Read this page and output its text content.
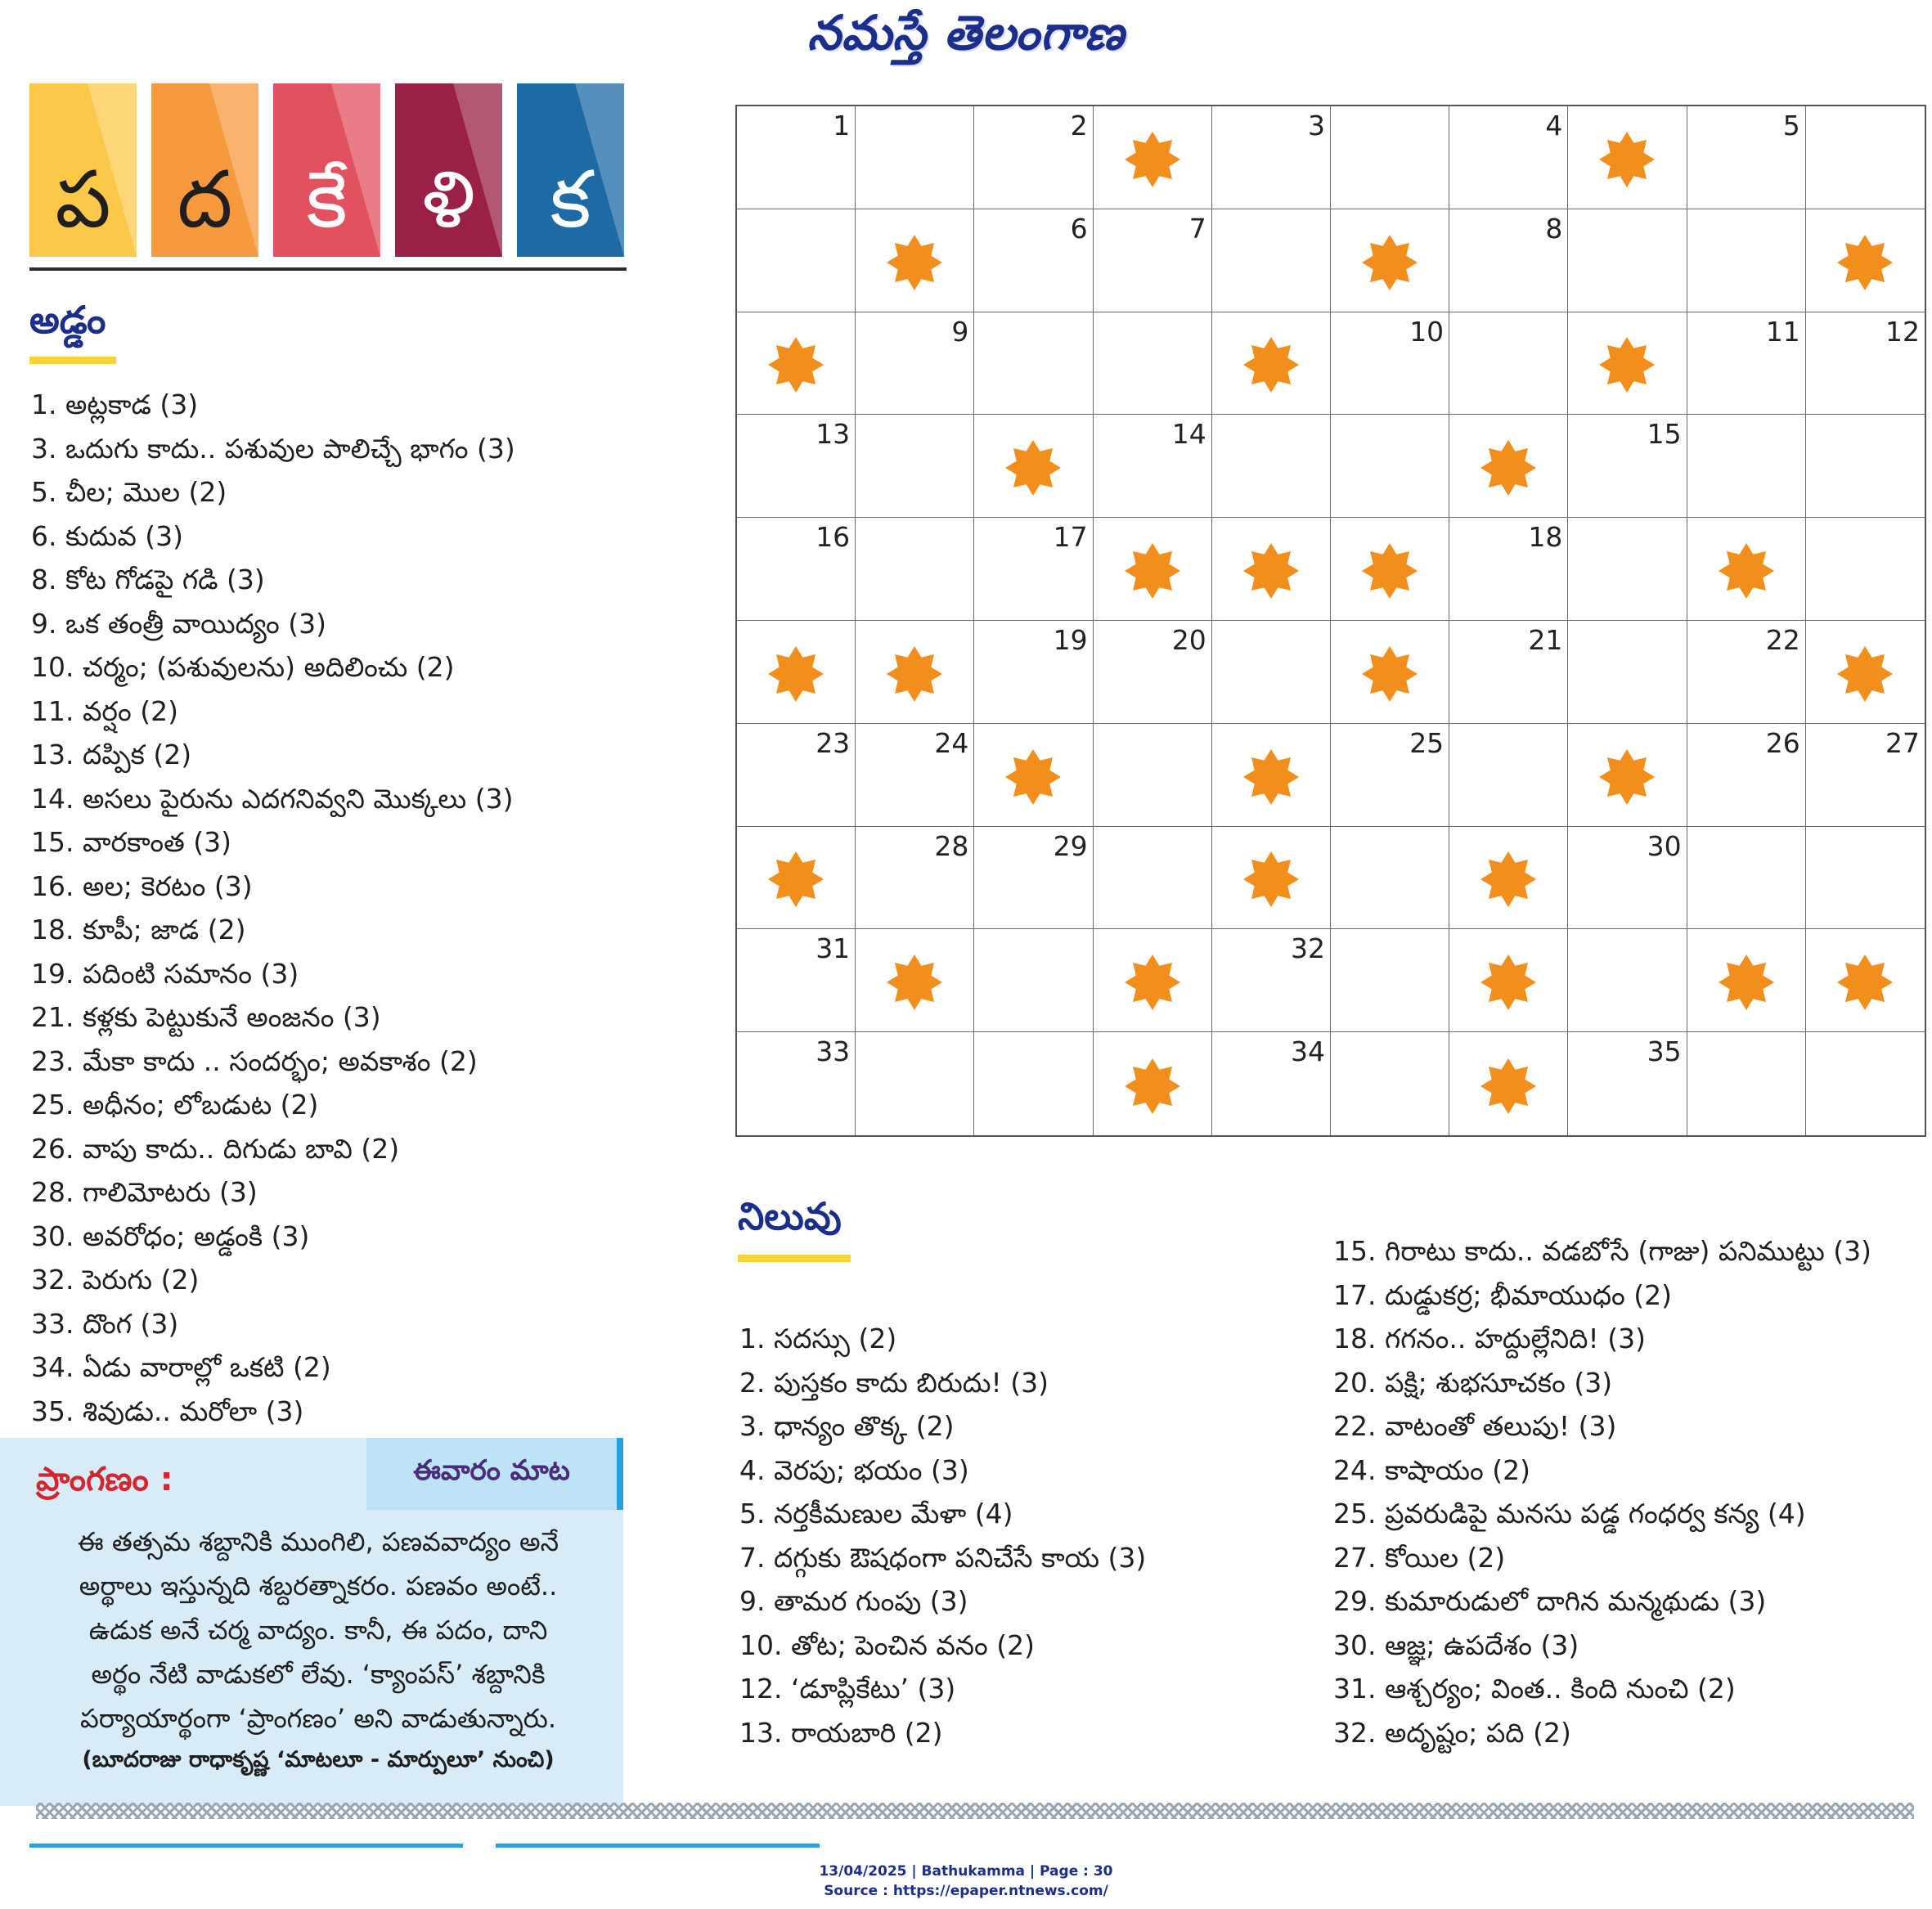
నమస్తే తెలంగాణ
ప ద కే ళి క
అడ్డం
1. అట్లకాడ (3)
3. ఒదుగు కాదు.. పశువుల పాలిచ్చే భాగం (3)
5. చీల; మొల (2)
6. కుదువ (3)
8. కోట గోడపై గడి (3)
9. ఒక తంత్రీ వాయిద్యం (3)
10. చర్మం; (పశువులను) అదిలించు (2)
11. వర్షం (2)
13. దప్పిక (2)
14. అసలు పైరును ఎదగనివ్వని మొక్కలు (3)
15. వారకాంత (3)
16. అల; కెరటం (3)
18. కూపీ; జాడ (2)
19. పదింటి సమానం (3)
21. కళ్లకు పెట్టుకునే అంజనం (3)
23. మేకా కాదు .. సందర్భం; అవకాశం (2)
25. అధీనం; లోబడుట (2)
26. వాపు కాదు.. దిగుడు బావి (2)
28. గాలిమోటరు (3)
30. అవరోధం; అడ్డంకి (3)
32. పెరుగు (2)
33. దొంగ (3)
34. ఏడు వారాల్లో ఒకటి (2)
35. శివుడు.. మరోలా (3)
1	2	3	4	5
6	7	8
9	10	11	12
13	14	15
16	17	18
19	20	21	22
23	24	25	26	27
28	29	30
31	32
33	34	35
నిలువు
1. సదస్సు (2)
2. పుస్తకం కాదు బిరుదు! (3)
3. ధాన్యం తొక్క (2)
4. వెరపు; భయం (3)
5. నర్తకీమణుల మేళా (4)
7. దగ్గుకు ఔషధంగా పనిచేసే కాయ (3)
9. తామర గుంపు (3)
10. తోట; పెంచిన వనం (2)
12. ‘డూప్లికేటు’ (3)
13. రాయబారి (2)
15. గిరాటు కాదు.. వడబోసే (గాజు) పనిముట్టు (3)
17. దుడ్డుకర్ర; భీమాయుధం (2)
18. గగనం.. హద్దుల్లేనిది! (3)
20. పక్షి; శుభసూచకం (3)
22. వాటంతో తలుపు! (3)
24. కాషాయం (2)
25. ప్రవరుడిపై మనసు పడ్డ గంధర్వ కన్య (4)
27. కోయిల (2)
29. కుమారుడులో దాగిన మన్మథుడు (3)
30. ఆజ్ఞ; ఉపదేశం (3)
31. ఆశ్చర్యం; వింత.. కింది నుంచి (2)
32. అదృష్టం; పది (2)
ఈవారం మాట
ప్రాంగణం :
ఈ తత్సమ శబ్దానికి ముంగిలి, పణవవాద్యం అనే
అర్థాలు ఇస్తున్నది శబ్దరత్నాకరం. పణవం అంటే..
ఉడుక అనే చర్మ వాద్యం. కానీ, ఈ పదం, దాని
అర్థం నేటి వాడుకలో లేవు. ‘క్యాంపస్’ శబ్దానికి
పర్యాయార్థంగా ‘ప్రాంగణం’ అని వాడుతున్నారు.
(బూదరాజు రాధాకృష్ణ ‘మాటలూ - మార్పులూ’ నుంచి)
13/04/2025 | Bathukamma | Page : 30
Source : https://epaper.ntnews.com/
